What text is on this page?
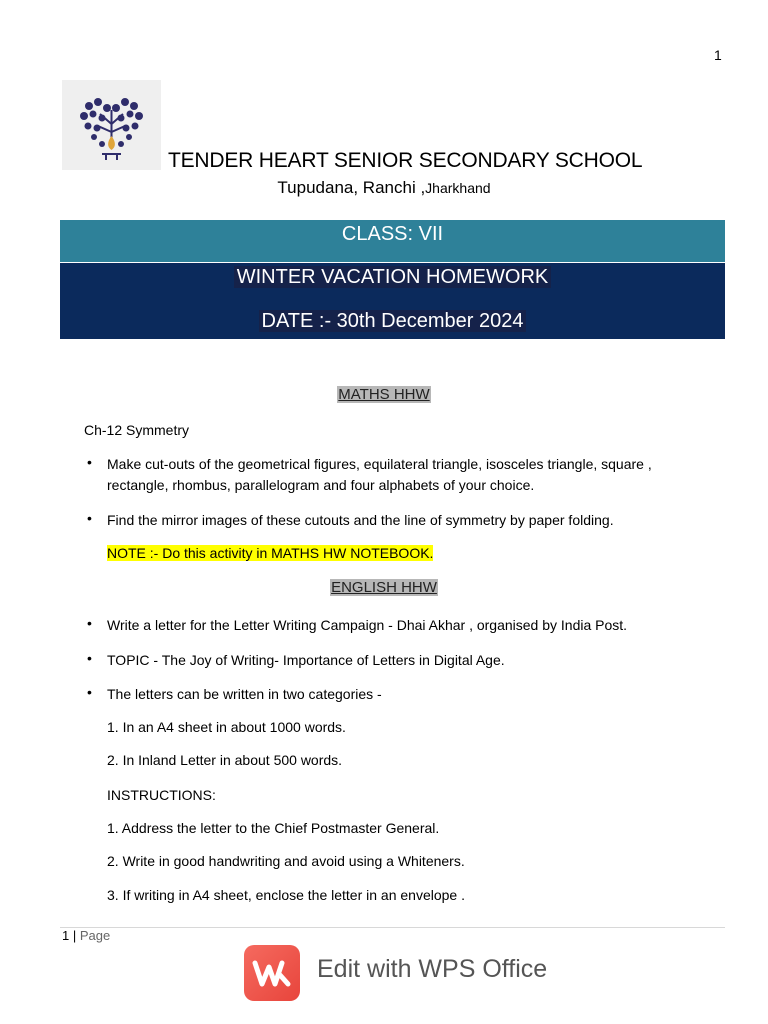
1
TENDER HEART SENIOR SECONDARY SCHOOL
Tupudana, Ranchi ,Jharkhand
CLASS: VII
WINTER VACATION HOMEWORK
DATE :- 30th December 2024
MATHS HHW
Ch-12 Symmetry
• Make cut-outs of the geometrical figures, equilateral triangle, isosceles triangle, square ,
rectangle, rhombus, parallelogram and four alphabets of your choice.
• Find the mirror images of these cutouts and the line of symmetry by paper folding.
NOTE :- Do this activity in MATHS HW NOTEBOOK.
ENGLISH HHW
• Write a letter for the Letter Writing Campaign - Dhai Akhar , organised by India Post.
• TOPIC - The Joy of Writing- Importance of Letters in Digital Age.
• The letters can be written in two categories -
1. In an A4 sheet in about 1000 words.
2. In Inland Letter in about 500 words.
INSTRUCTIONS:
1. Address the letter to the Chief Postmaster General.
2. Write in good handwriting and avoid using a Whiteners.
3. If writing in A4 sheet, enclose the letter in an envelope .
1 | Page
Edit with WPS Office
